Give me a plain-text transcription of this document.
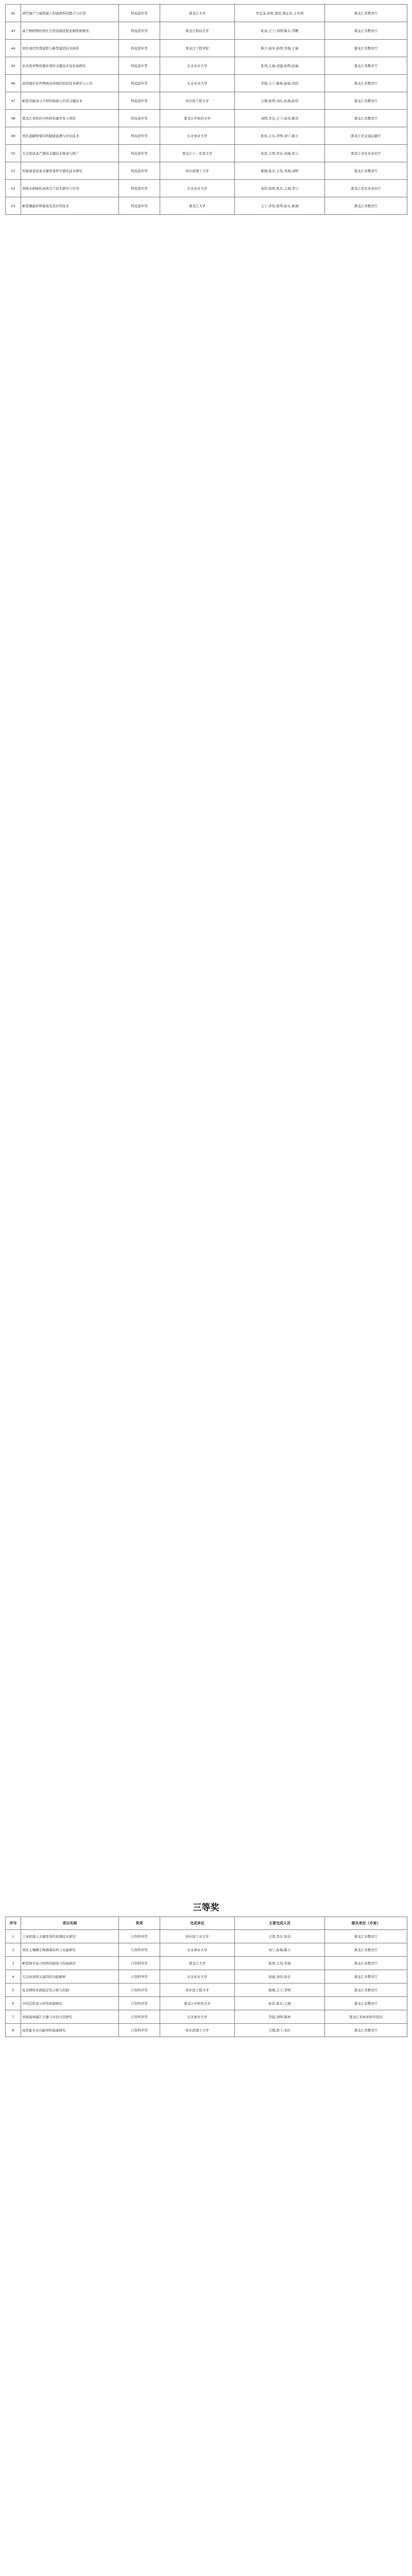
42	清代地产与建筑施工的建筑科技整合与应用	科技进步奖	黑龙江大学	李金龙,孙铭,葛民,胡正民,王中国	黑龙江省教育厅
43	基于物联网的寒区大型设施远程监测系统研发	科技进步奖	黑龙江科技大学	张波,王宁,刘明,陈东,李鹏	黑龙江省教育厅
44	寒区现代智慧建筑与新型建造技术体系	科技进步奖	黑龙江工程学院	陈立,杨军,孙明,李海,王丽	黑龙江省教育厅
45	农业废弃物资源化利用关键技术及装备研究	科技进步奖	东北农业大学	张利,王海,刘建,孙明,赵丽	黑龙江省教育厅
46	高寒地区农作物病虫害绿色防控技术研究与示范	科技进步奖	东北农业大学	李强,王宁,陈林,赵丽,刘伟	黑龙江省教育厅
47	新型功能高分子材料制备与应用关键技术	科技进步奖	哈尔滨工程大学	王刚,张明,刘东,孙海,赵伟	黑龙江省教育厅
48	黑龙江省特色中药材资源开发与利用	科技进步奖	黑龙江中医药大学	刘明,李东,王宁,孙伟,陈亮	黑龙江省教育厅
49	寒区道路桥梁结构健康监测与评估技术	科技进步奖	东北林业大学	张伟,王东,李明,刘宁,陈立	黑龙江省交通运输厅
50	大豆优质高产栽培关键技术集成与推广	科技进步奖	黑龙江八一农垦大学	孙伟,王明,李东,刘海,张宁	黑龙江省农业农村厅
51	智能制造装备关键零部件可靠性技术研究	科技进步奖	哈尔滨理工大学	陈刚,张东,王伟,李海,刘明	黑龙江省教育厅
52	寒地水稻绿色高效生产技术研究与应用	科技进步奖	东北农业大学	刘伟,孙明,张东,王海,李宁	黑龙江省农业农村厅
53	新型储能材料制备及其应用技术	科技进步奖	黑龙江大学	王宁,李伟,张明,孙东,陈海	黑龙江省教育厅
三等奖
序号	项目名称	奖类	完成单位	主要完成人员	提名单位（专家）
1	工业机器人关键零部件检测技术研究	自然科学奖	哈尔滨工业大学	王明,李东,张伟	黑龙江省教育厅
2	寒区土壤微生物群落结构与功能研究	自然科学奖	东北林业大学	刘宁,孙海,陈立	黑龙江省教育厅
3	新型纳米复合材料的制备与性能研究	自然科学奖	黑龙江大学	张明,王伟,李海	黑龙江省教育厅
4	大豆抗逆相关基因的功能解析	自然科学奖	东北农业大学	赵丽,刘伟,孙东	黑龙江省教育厅
5	复杂网络系统稳定性分析与控制	自然科学奖	哈尔滨工程大学	陈刚,王宁,李明	黑龙江省教育厅
6	中药活性成分作用机制研究	自然科学奖	黑龙江中医药大学	孙伟,张东,王海	黑龙江省教育厅
7	寒地森林碳汇计量与评估方法研究	自然科学奖	东北林业大学	李强,刘明,陈林	黑龙江省林业和草原局
8	高性能光电功能材料基础研究	自然科学奖	哈尔滨理工大学	王刚,张宁,刘东	黑龙江省教育厅
